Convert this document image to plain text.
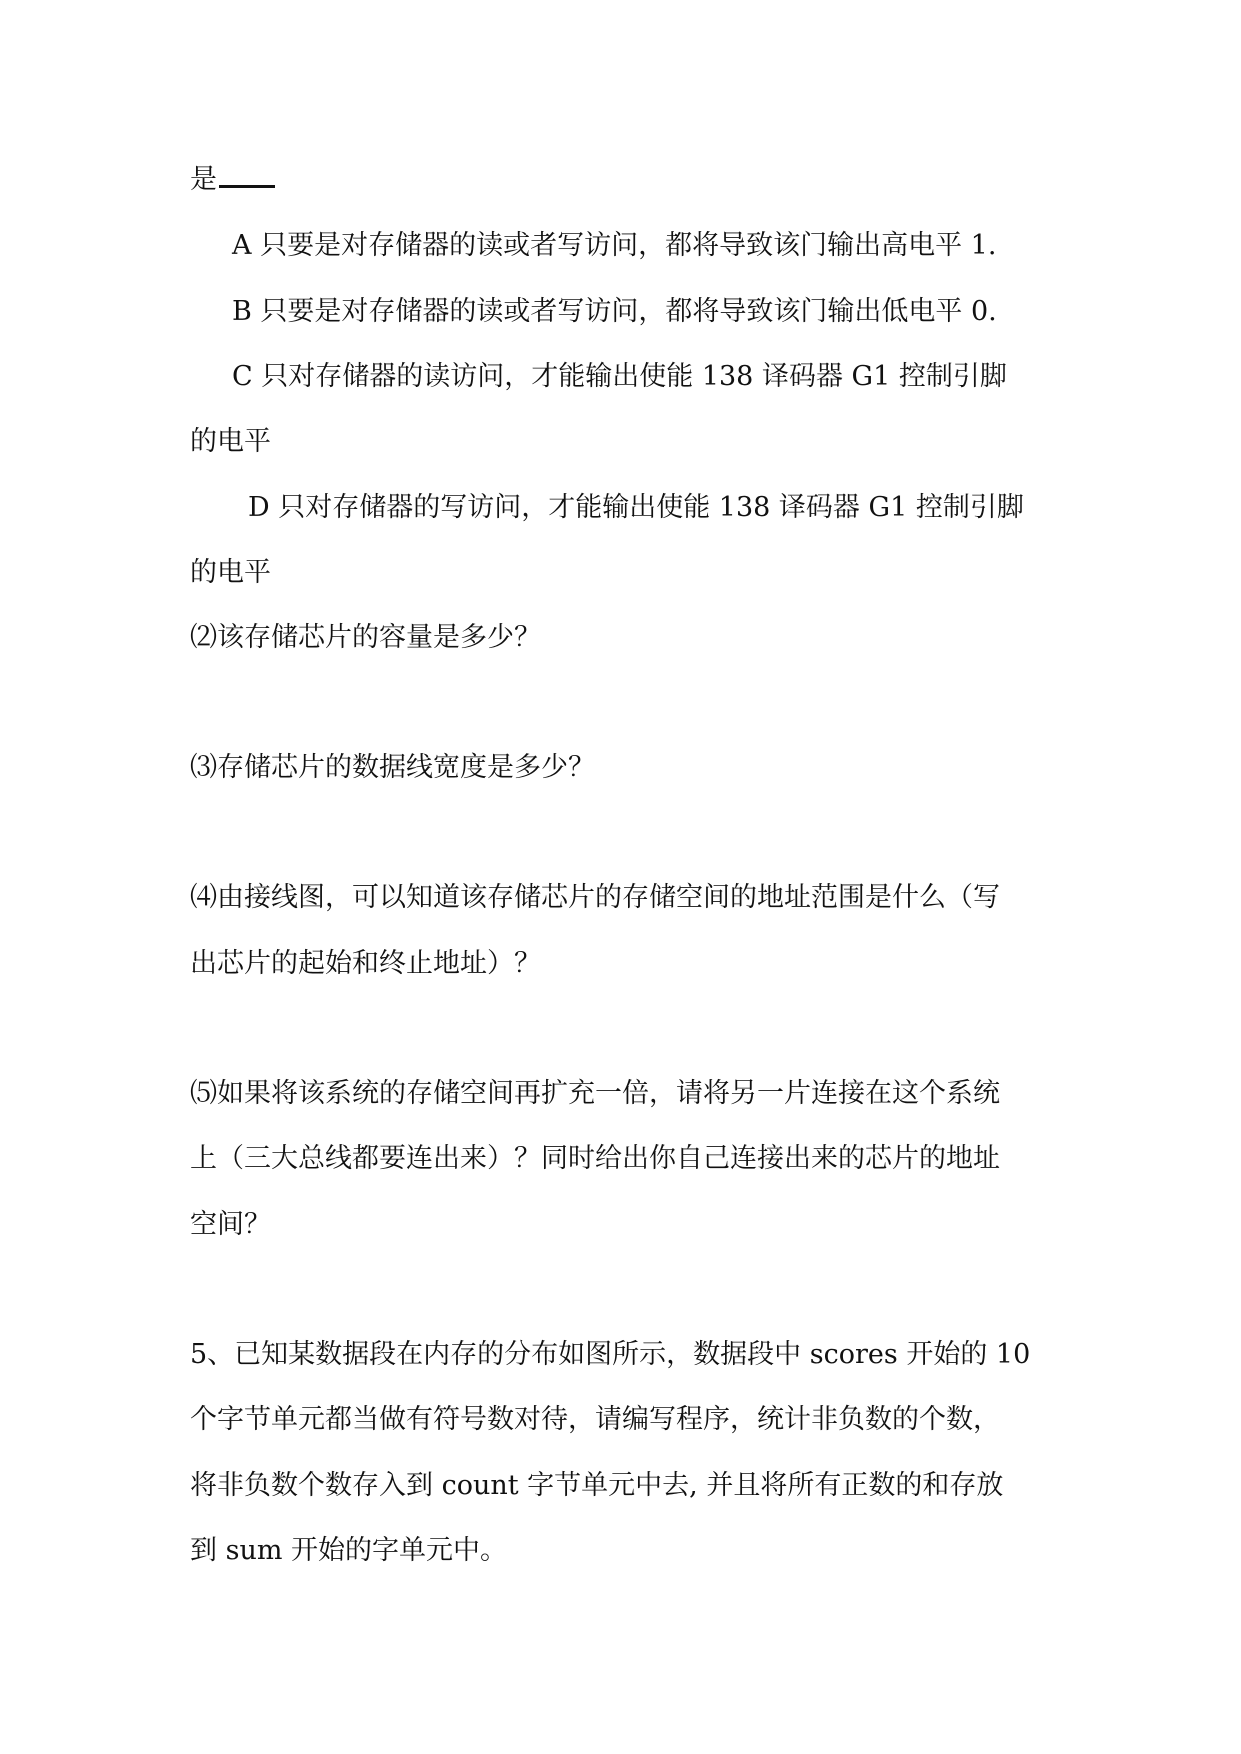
是
A 只要是对存储器的读或者写访问，都将导致该门输出高电平 1.
B 只要是对存储器的读或者写访问，都将导致该门输出低电平 0.
C 只对存储器的读访问，才能输出使能 138 译码器 G1 控制引脚
的电平
D 只对存储器的写访问，才能输出使能 138 译码器 G1 控制引脚
的电平
⑵该存储芯片的容量是多少？
⑶存储芯片的数据线宽度是多少？
⑷由接线图，可以知道该存储芯片的存储空间的地址范围是什么（写
出芯片的起始和终止地址）？
⑸如果将该系统的存储空间再扩充一倍，请将另一片连接在这个系统
上（三大总线都要连出来）？同时给出你自己连接出来的芯片的地址
空间？
5、已知某数据段在内存的分布如图所示，数据段中 scores 开始的 10
个字节单元都当做有符号数对待，请编写程序，统计非负数的个数，
将非负数个数存入到 count 字节单元中去, 并且将所有正数的和存放
到 sum 开始的字单元中。
